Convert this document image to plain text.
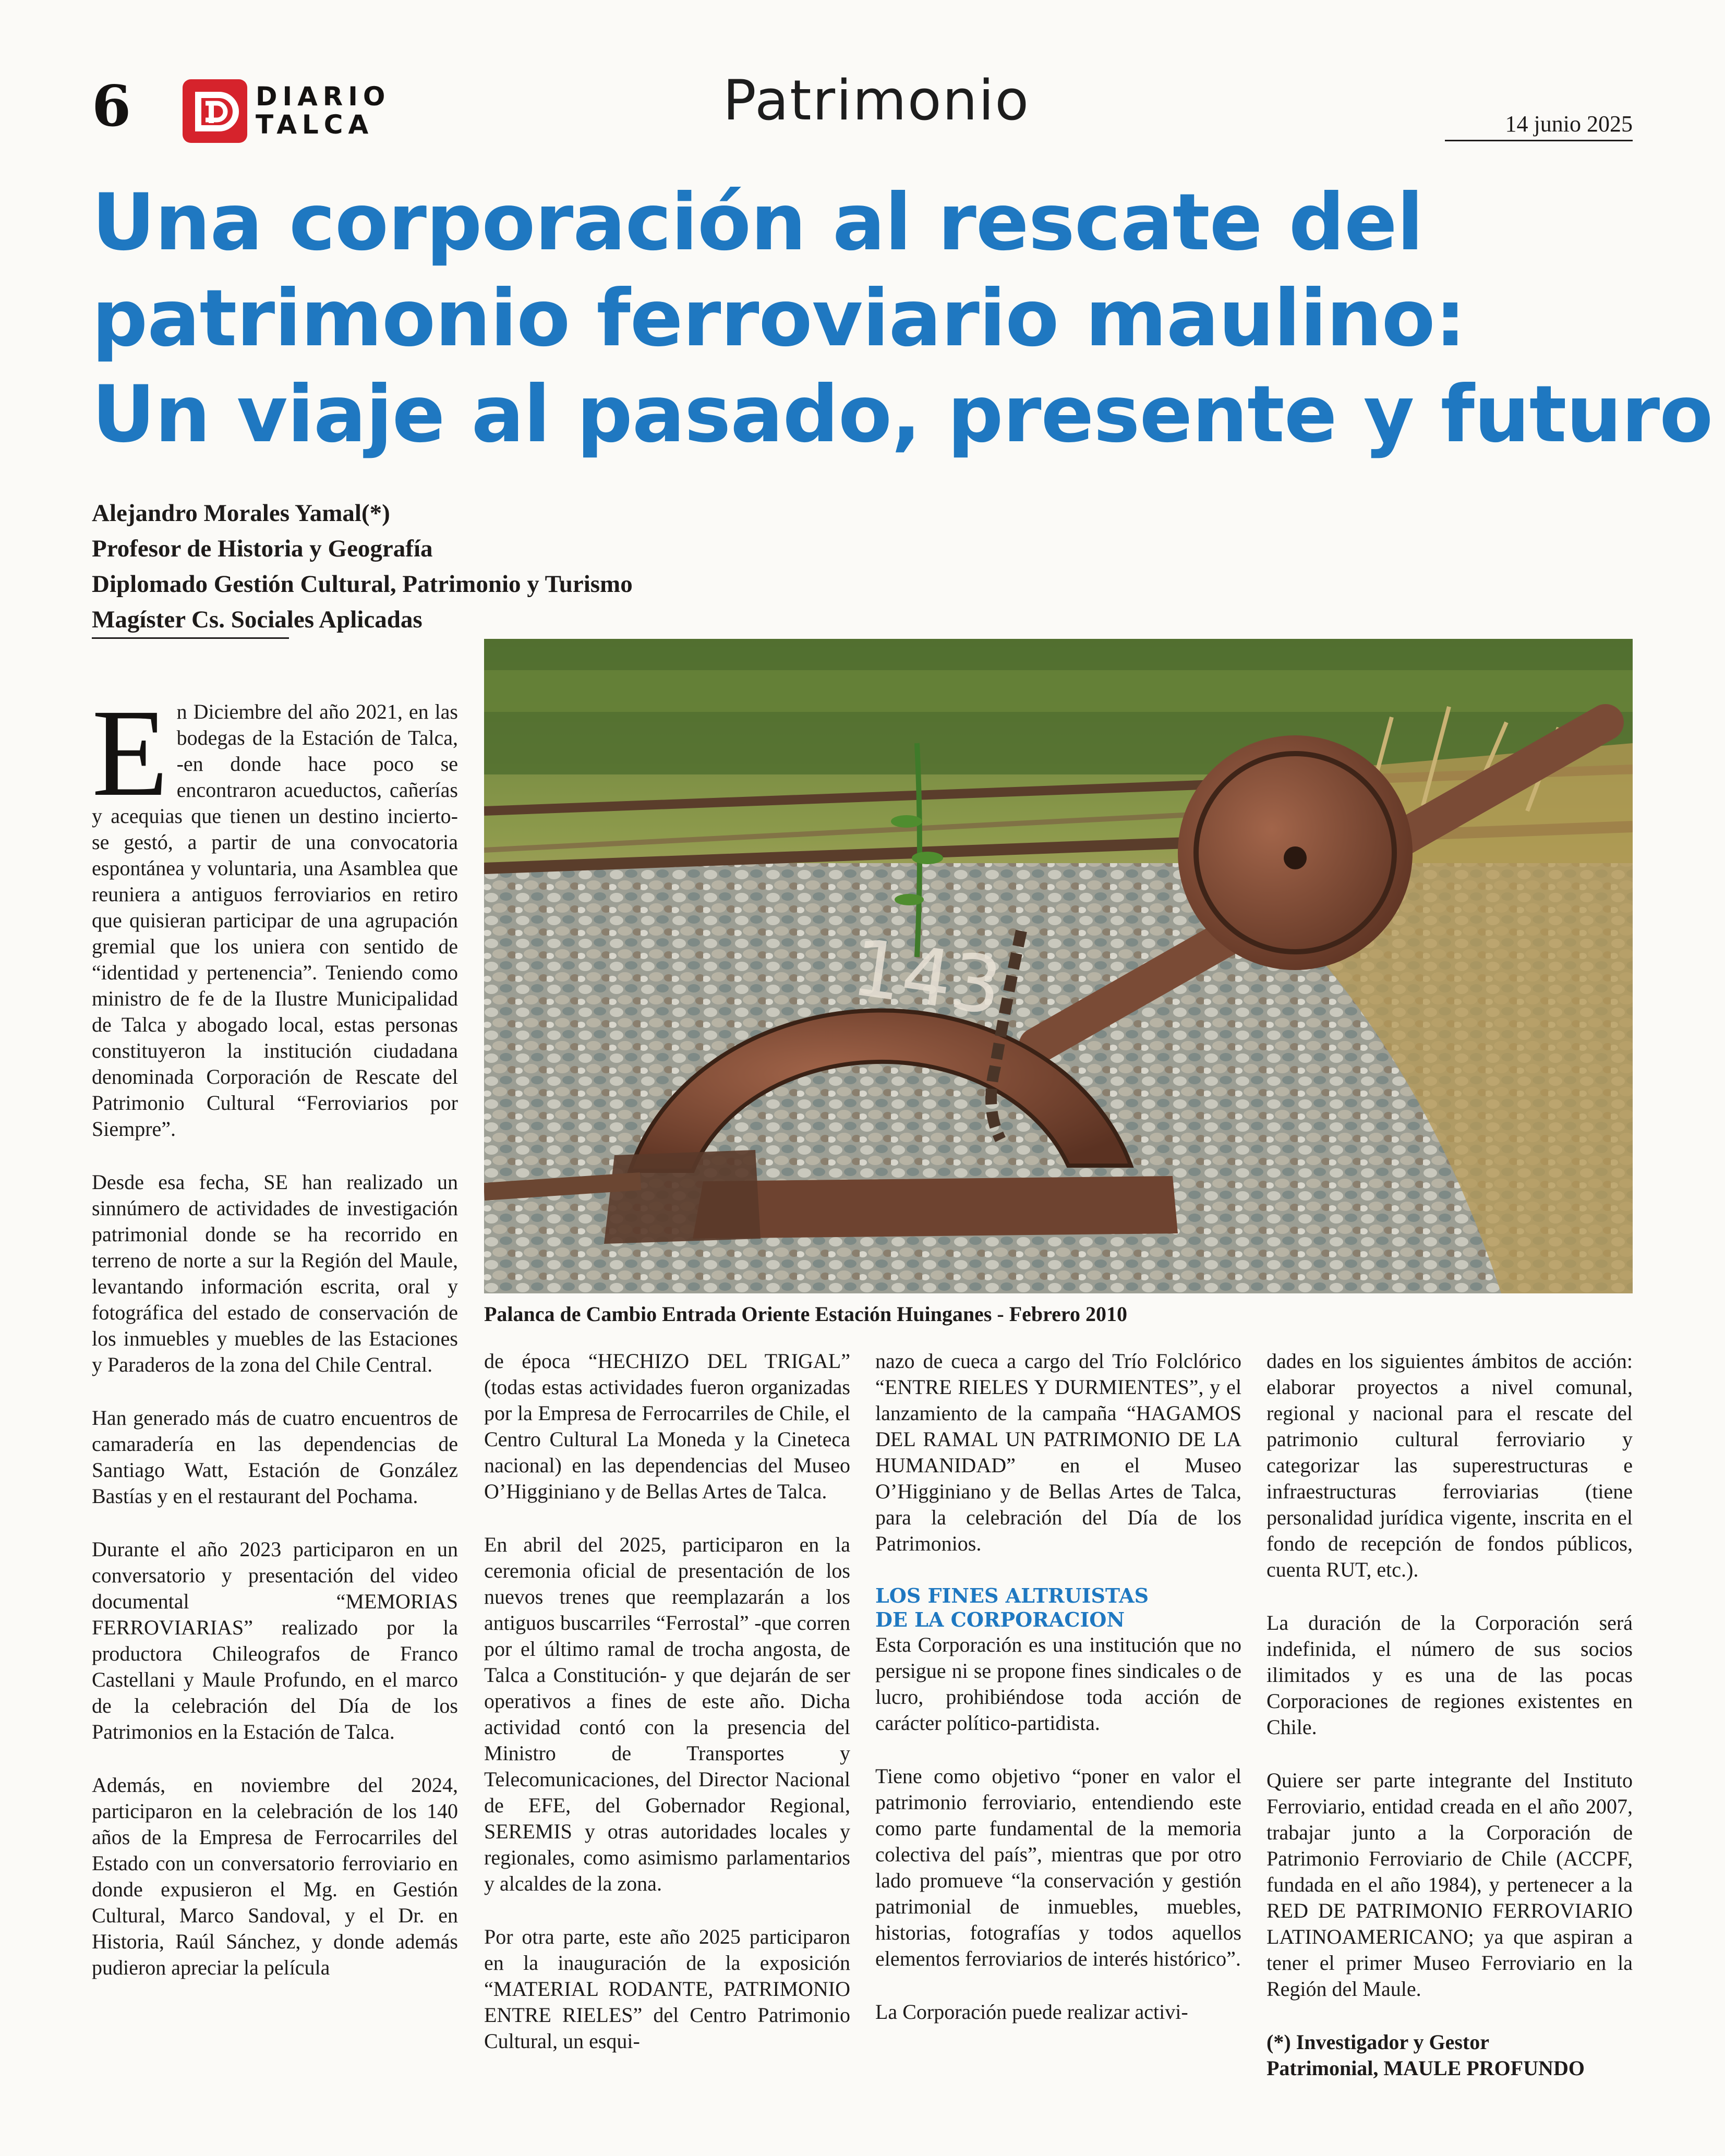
6	DIARIO
TALCA	Patrimonio	14 junio 2025
Una corporación al rescate del
patrimonio ferroviario maulino:
Un viaje al pasado, presente y futuro
Alejandro Morales Yamal(*)
Profesor de Historia y Geografía
Diplomado Gestión Cultural, Patrimonio y Turismo
Magíster Cs. Sociales Aplicadas
143
Palanca de Cambio Entrada Oriente Estación Huinganes - Febrero 2010

En Diciembre del año 2021, en las bodegas de la Estación de Talca, -en donde hace poco se encontraron acueductos, cañerías y acequias que tienen un destino incierto- se gestó, a partir de una convocatoria espontánea y voluntaria, una Asamblea que reuniera a antiguos ferroviarios en retiro que quisieran participar de una agrupación gremial que los uniera con sentido de “identidad y pertenencia”. Teniendo como ministro de fe de la Ilustre Municipalidad de Talca y abogado local, estas personas constituyeron la institución ciudadana denominada Corporación de Rescate del Patrimonio Cultural “Ferroviarios por Siempre”.

Desde esa fecha, SE han realizado un sinnúmero de actividades de investigación patrimonial donde se ha recorrido en terreno de norte a sur la Región del Maule, levantando información escrita, oral y fotográfica del estado de conservación de los inmuebles y muebles de las Estaciones y Paraderos de la zona del Chile Central.

Han generado más de cuatro encuentros de camaradería en las dependencias de Santiago Watt, Estación de González Bastías y en el restaurant del Pochama.

Durante el año 2023 participaron en un conversatorio y presentación del video documental “MEMORIAS FERROVIARIAS” realizado por la productora Chileografos de Franco Castellani y Maule Profundo, en el marco de la celebración del Día de los Patrimonios en la Estación de Talca.

Además, en noviembre del 2024, participaron en la celebración de los 140 años de la Empresa de Ferrocarriles del Estado con un conversatorio ferroviario en donde expusieron el Mg. en Gestión Cultural, Marco Sandoval, y el Dr. en Historia, Raúl Sánchez, y donde además pudieron apreciar la película

de época “HECHIZO DEL TRIGAL” (todas estas actividades fueron organizadas por la Empresa de Ferrocarriles de Chile, el Centro Cultural La Moneda y la Cineteca nacional) en las dependencias del Museo O’Higginiano y de Bellas Artes de Talca.

En abril del 2025, participaron en la ceremonia oficial de presentación de los nuevos trenes que reemplazarán a los antiguos buscarriles “Ferrostal” -que corren por el último ramal de trocha angosta, de Talca a Constitución- y que dejarán de ser operativos a fines de este año. Dicha actividad contó con la presencia del Ministro de Transportes y Telecomunicaciones, del Director Nacional de EFE, del Gobernador Regional, SEREMIS y otras autoridades locales y regionales, como asimismo parlamentarios y alcaldes de la zona.

Por otra parte, este año 2025 participaron en la inauguración de la exposición “MATERIAL RODANTE, PATRIMONIO ENTRE RIELES” del Centro Patrimonio Cultural, un esqui-

nazo de cueca a cargo del Trío Folclórico “ENTRE RIELES Y DURMIENTES”, y el lanzamiento de la campaña “HAGAMOS DEL RAMAL UN PATRIMONIO DE LA HUMANIDAD” en el Museo O’Higginiano y de Bellas Artes de Talca, para la celebración del Día de los Patrimonios.

LOS FINES ALTRUISTAS
DE LA CORPORACION

Esta Corporación es una institución que no persigue ni se propone fines sindicales o de lucro, prohibiéndose toda acción de carácter político-partidista.

Tiene como objetivo “poner en valor el patrimonio ferroviario, entendiendo este como parte fundamental de la memoria colectiva del país”, mientras que por otro lado promueve “la conservación y gestión patrimonial de inmuebles, muebles, historias, fotografías y todos aquellos elementos ferroviarios de interés histórico”.

La Corporación puede realizar activi-

dades en los siguientes ámbitos de acción: elaborar proyectos a nivel comunal, regional y nacional para el rescate del patrimonio cultural ferroviario y categorizar las superestructuras e infraestructuras ferroviarias (tiene personalidad jurídica vigente, inscrita en el fondo de recepción de fondos públicos, cuenta RUT, etc.).

La duración de la Corporación será indefinida, el número de sus socios ilimitados y es una de las pocas Corporaciones de regiones existentes en Chile.

Quiere ser parte integrante del Instituto Ferroviario, entidad creada en el año 2007, trabajar junto a la Corporación de Patrimonio Ferroviario de Chile (ACCPF, fundada en el año 1984), y pertenecer a la RED DE PATRIMONIO FERROVIARIO LATINOAMERICANO; ya que aspiran a tener el primer Museo Ferroviario en la Región del Maule.

(*) Investigador y Gestor
Patrimonial, MAULE PROFUNDO
